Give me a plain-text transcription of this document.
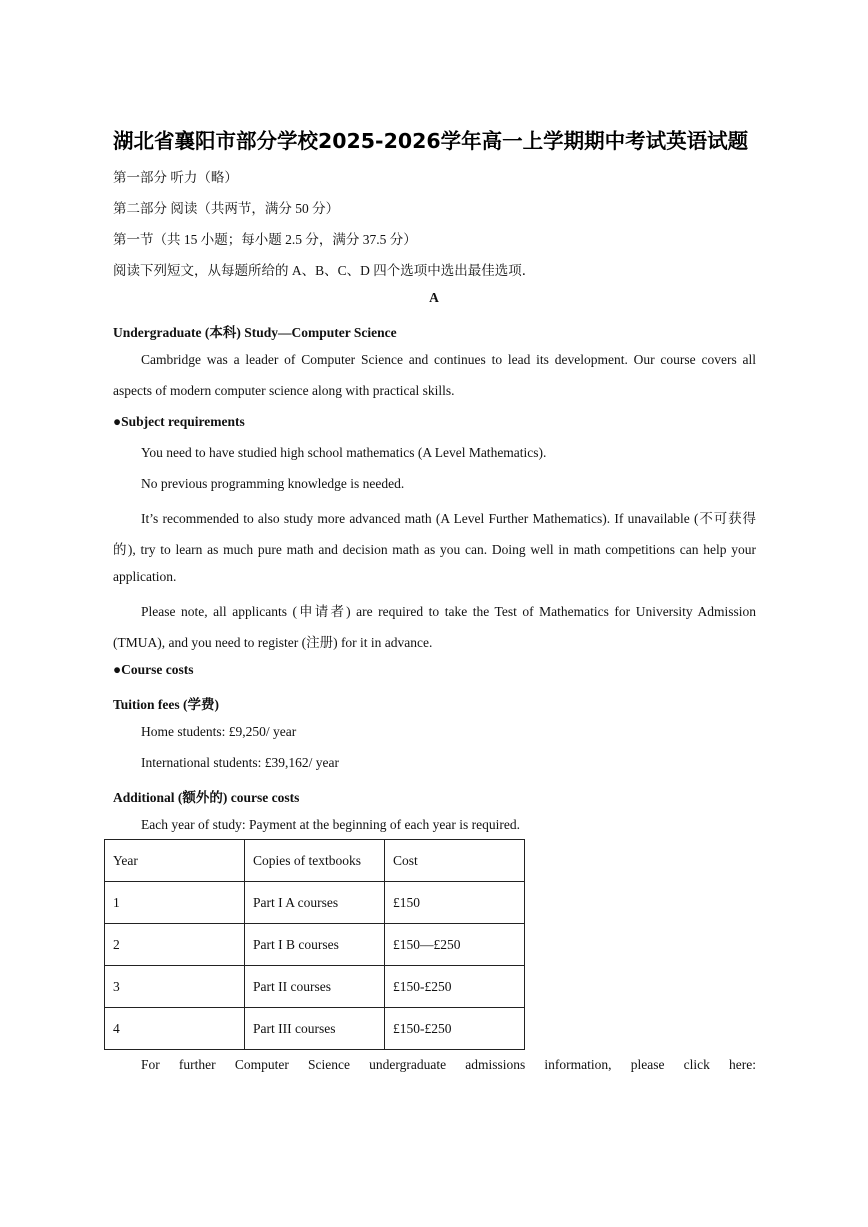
湖北省襄阳市部分学校2025-2026学年高一上学期期中考试英语试题
第一部分 听力（略）
第二部分 阅读（共两节，满分 50 分）
第一节（共 15 小题；每小题 2.5 分，满分 37.5 分）
阅读下列短文，从每题所给的 A、B、C、D 四个选项中选出最佳选项．
A
Undergraduate (本科) Study—Computer Science
Cambridge was a leader of Computer Science and continues to lead its development. Our course covers all
aspects of modern computer science along with practical skills.
●Subject requirements
You need to have studied high school mathematics (A Level Mathematics).
No previous programming knowledge is needed.
It’s recommended to also study more advanced math (A Level Further Mathematics). If unavailable (不可获得
的), try to learn as much pure math and decision math as you can. Doing well in math competitions can help your
application.
Please note, all applicants (申请者) are required to take the Test of Mathematics for University Admission
(TMUA), and you need to register (注册) for it in advance.
●Course costs
Tuition fees (学费)
Home students: £9,250/ year
International students: £39,162/ year
Additional (额外的) course costs
Each year of study: Payment at the beginning of each year is required.
Year	Copies of textbooks	Cost
1	Part I A courses	£150
2	Part I B courses	£150—£250
3	Part II courses	£150-£250
4	Part III courses	£150-£250
For further Computer Science undergraduate admissions information, please click here:
